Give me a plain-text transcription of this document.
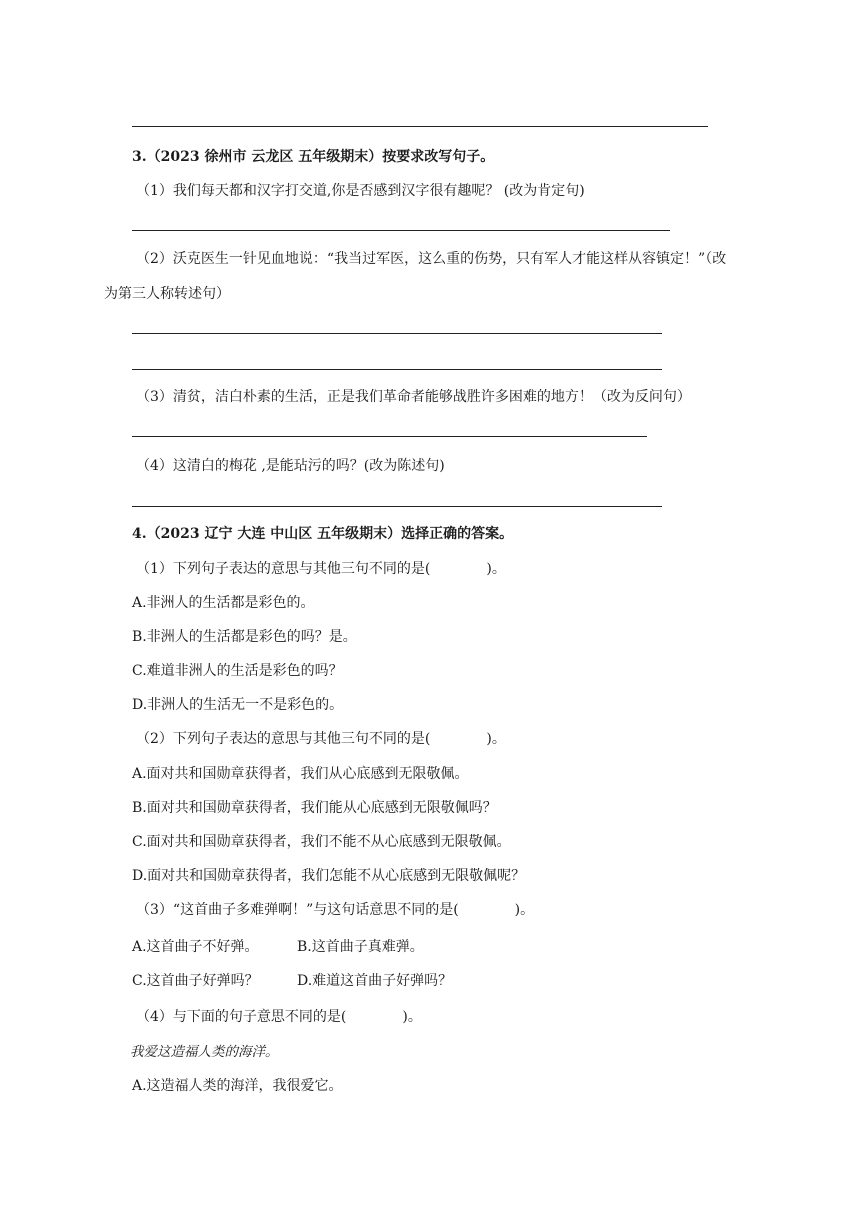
3.（2023 徐州市 云龙区 五年级期末）按要求改写句子。
（1）我们每天都和汉字打交道,你是否感到汉字很有趣呢？ (改为肯定句)
（2）沃克医生一针见血地说：“我当过军医，这么重的伤势，只有军人才能这样从容镇定！”（改
为第三人称转述句）
（3）清贫，洁白朴素的生活，正是我们革命者能够战胜许多困难的地方！（改为反问句）
（4）这清白的梅花 ,是能玷污的吗？(改为陈述句)
4.（2023 辽宁 大连 中山区 五年级期末）选择正确的答案。
（1）下列句子表达的意思与其他三句不同的是(　　　　)。
A.非洲人的生活都是彩色的。
B.非洲人的生活都是彩色的吗？是。
C.难道非洲人的生活是彩色的吗？
D.非洲人的生活无一不是彩色的。
（2）下列句子表达的意思与其他三句不同的是(　　　　)。
A.面对共和国勋章获得者，我们从心底感到无限敬佩。
B.面对共和国勋章获得者，我们能从心底感到无限敬佩吗？
C.面对共和国勋章获得者，我们不能不从心底感到无限敬佩。
D.面对共和国勋章获得者，我们怎能不从心底感到无限敬佩呢？
（3）“这首曲子多难弹啊！”与这句话意思不同的是(　　　　)。
A.这首曲子不好弹。	B.这首曲子真难弹。
C.这首曲子好弹吗？	D.难道这首曲子好弹吗？
（4）与下面的句子意思不同的是(　　　　)。
我爱这造福人类的海洋。
A.这造福人类的海洋，我很爱它。
